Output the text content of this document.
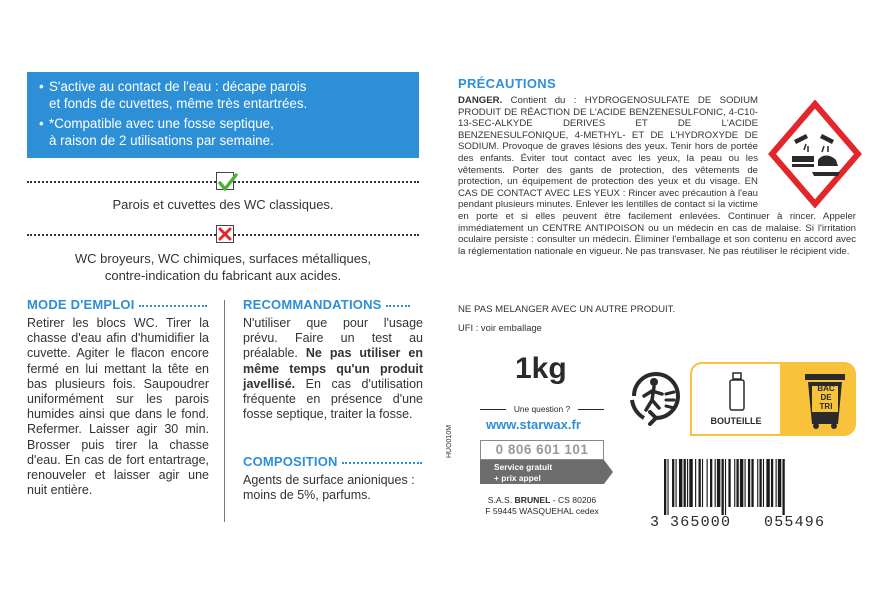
• S'active au contact de l'eau : décape parois
et fonds de cuvettes, même très entartrées.
• *Compatible avec une fosse septique,
à raison de 2 utilisations par semaine.
Parois et cuvettes des WC classiques.
WC broyeurs, WC chimiques, surfaces métalliques,
contre-indication du fabricant aux acides.
MODE D'EMPLOI
Retirer les blocs WC. Tirer la chasse d'eau afin d'humidifier la cuvette. Agiter le flacon encore fermé en lui mettant la tête en bas plusieurs fois. Saupoudrer uniformément sur les parois humides ainsi que dans le fond. Refermer. Laisser agir 30 min. Brosser puis tirer la chasse d'eau. En cas de fort entartrage, renouveler et laisser agir une nuit entière.
RECOMMANDATIONS
N'utiliser que pour l'usage prévu. Faire un test au préalable. Ne pas utiliser en même temps qu'un produit javellisé. En cas d'utilisation fréquente en présence d'une fosse septique, traiter la fosse.
COMPOSITION
Agents de surface anioniques : moins de 5%, parfums.
PRÉCAUTIONS
DANGER. Contient du : HYDROGENOSULFATE DE SODIUM PRODUIT DE RÉACTION DE L'ACIDE BENZENESULFONIC, 4-C10-13-SEC-ALKYDE DERIVES ET DE L'ACIDE BENZENESULFONIQUE, 4-METHYL- ET DE L'HYDROXYDE DE SODIUM. Provoque de graves lésions des yeux. Tenir hors de portée des enfants. Éviter tout contact avec les yeux, la peau ou les vêtements. Porter des gants de protection, des vêtements de protection, un équipement de protection des yeux et du visage. EN CAS DE CONTACT AVEC LES YEUX : Rincer avec précaution à l'eau pendant plusieurs minutes. Enlever les lentilles de contact si la victime en porte et si elles peuvent être facilement enlevées. Continuer à rincer. Appeler immédiatement un CENTRE ANTIPOISON ou un médecin en cas de malaise. Si l'irritation oculaire persiste : consulter un médecin. Éliminer l'emballage et son contenu en accord avec la réglementation nationale en vigueur. Ne pas transvaser. Ne pas réutiliser le récipient vide.
NE PAS MELANGER AVEC UN AUTRE PRODUIT.
UFI : voir emballage
1kg
Une question ?
www.starwax.fr
0 806 601 101
Service gratuit
+ prix appel
S.A.S. BRUNEL - CS 80206
F 59445 WASQUEHAL cedex
HUO010M
BOUTEILLE
BAC
DE
TRI
3 365000 055496
